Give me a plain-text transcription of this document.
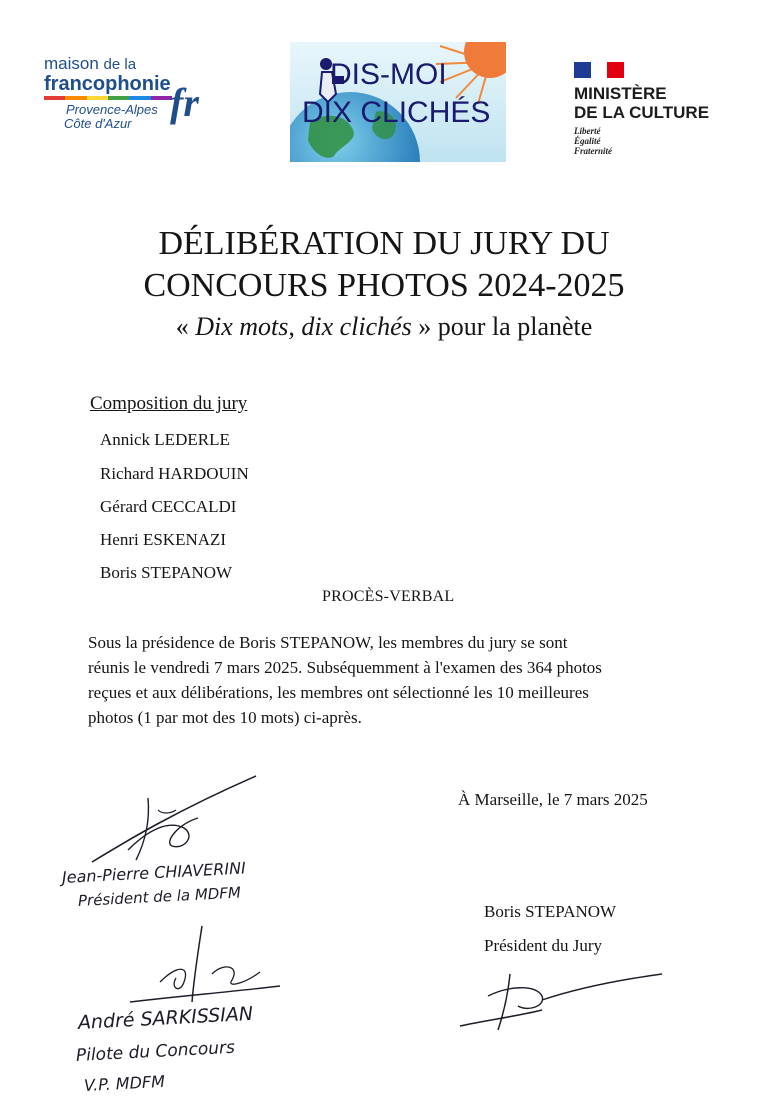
maison de la
francophonie
Provence-Alpes
Côte d'Azur fr
DIS-MOI
DIX CLICHÉS
MINISTÈRE
DE LA CULTURE
Liberté
Égalité
Fraternité
DÉLIBÉRATION DU JURY DU
CONCOURS PHOTOS 2024-2025
« Dix mots, dix clichés » pour la planète
Composition du jury
Annick LEDERLE
Richard HARDOUIN
Gérard CECCALDI
Henri ESKENAZI
Boris STEPANOW
PROCÈS-VERBAL

Sous la présidence de Boris STEPANOW, les membres du jury se sont

réunis le vendredi 7 mars 2025. Subséquemment à l'examen des 364 photos

reçues et aux délibérations, les membres ont sélectionné les 10 meilleures

photos (1 par mot des 10 mots) ci-après.

À Marseille, le 7 mars 2025
Jean-Pierre CHIAVERINI
Président de la MDFM
André SARKISSIAN
Pilote du Concours
V.P. MDFM
Boris STEPANOW
Président du Jury
